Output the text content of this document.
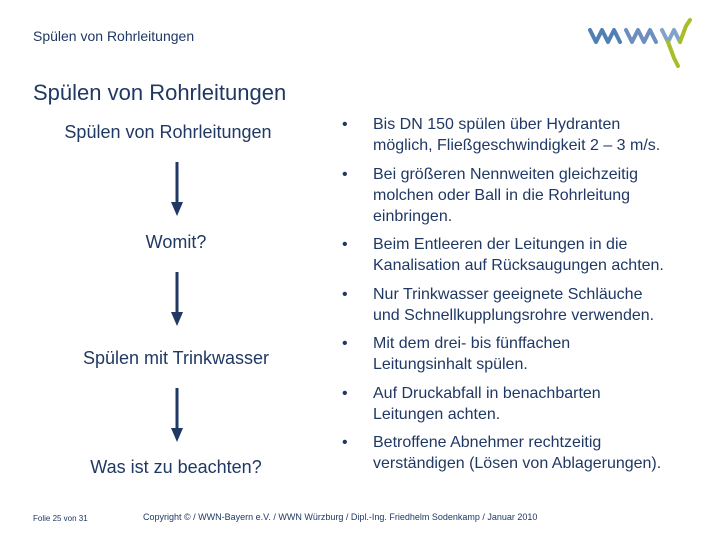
Spülen von Rohrleitungen
Spülen von Rohrleitungen
Spülen von Rohrleitungen
Womit?
Spülen mit Trinkwasser
Was ist zu beachten?
• Bis DN 150 spülen über Hydranten
möglich, Fließgeschwindigkeit 2 – 3 m/s.
• Bei größeren Nennweiten gleichzeitig
molchen oder Ball in die Rohrleitung
einbringen.
• Beim Entleeren der Leitungen in die
Kanalisation auf Rücksaugungen achten.
• Nur Trinkwasser geeignete Schläuche
und Schnellkupplungsrohre verwenden.
• Mit dem drei- bis fünffachen
Leitungsinhalt spülen.
• Auf Druckabfall in benachbarten
Leitungen achten.
• Betroffene Abnehmer rechtzeitig
verständigen (Lösen von Ablagerungen).
Folie 25 von 31	Copyright © / WWN-Bayern e.V. / WWN Würzburg / Dipl.-Ing. Friedhelm Sodenkamp / Januar 2010
